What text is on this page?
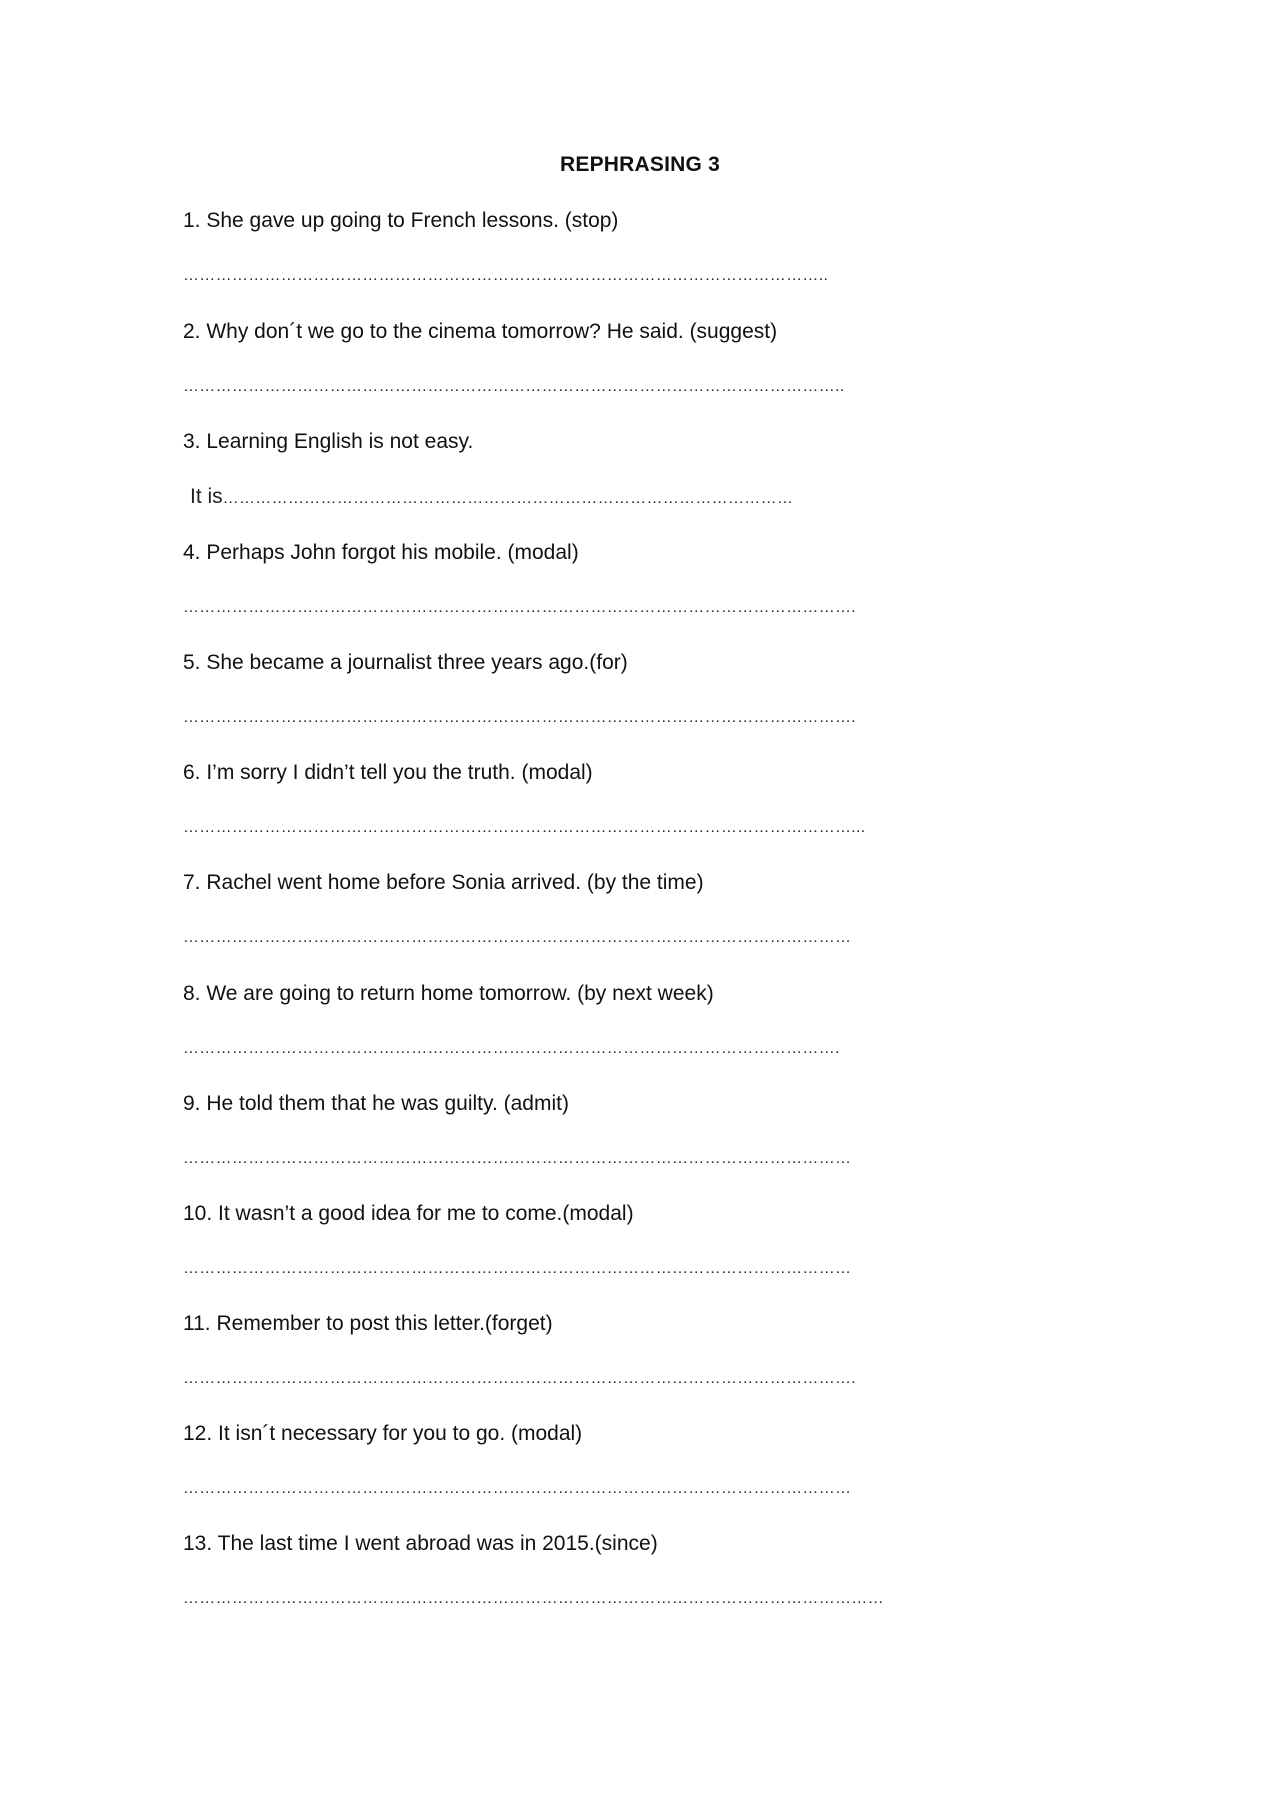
REPHRASING 3
1. She gave up going to French lessons. (stop)
………………………………………………………………………………………………………..
2. Why don´t we go to the cinema tomorrow? He said. (suggest)
…………………………………………………………………………………………………………..
3. Learning English is not easy.
It is……………………………………………………………………………………………
4. Perhaps John forgot his mobile. (modal)
…………………………………………………………………………………………………………….
5. She became a journalist three years ago.(for)
…………………………………………………………………………………………………………….
6. I’m sorry I didn’t tell you the truth. (modal)
……………………………………………………………………………………………………………...
7. Rachel went home before Sonia arrived. (by the time)
……………………………………………………………………………………………………………
8. We are going to return home tomorrow. (by next week)
………………………………………………………………………………………………………….
9. He told them that he was guilty. (admit)
……………………………………………………………………………………………………………
10. It wasn’t a good idea for me to come.(modal)
……………………………………………………………………………………………………………
11. Remember to post this letter.(forget)
…………………………………………………………………………………………………………….
12. It isn´t necessary for you to go. (modal)
……………………………………………………………………………………………………………
13. The last time I went abroad was in 2015.(since)
…………………………………………………………………………………………………………………
